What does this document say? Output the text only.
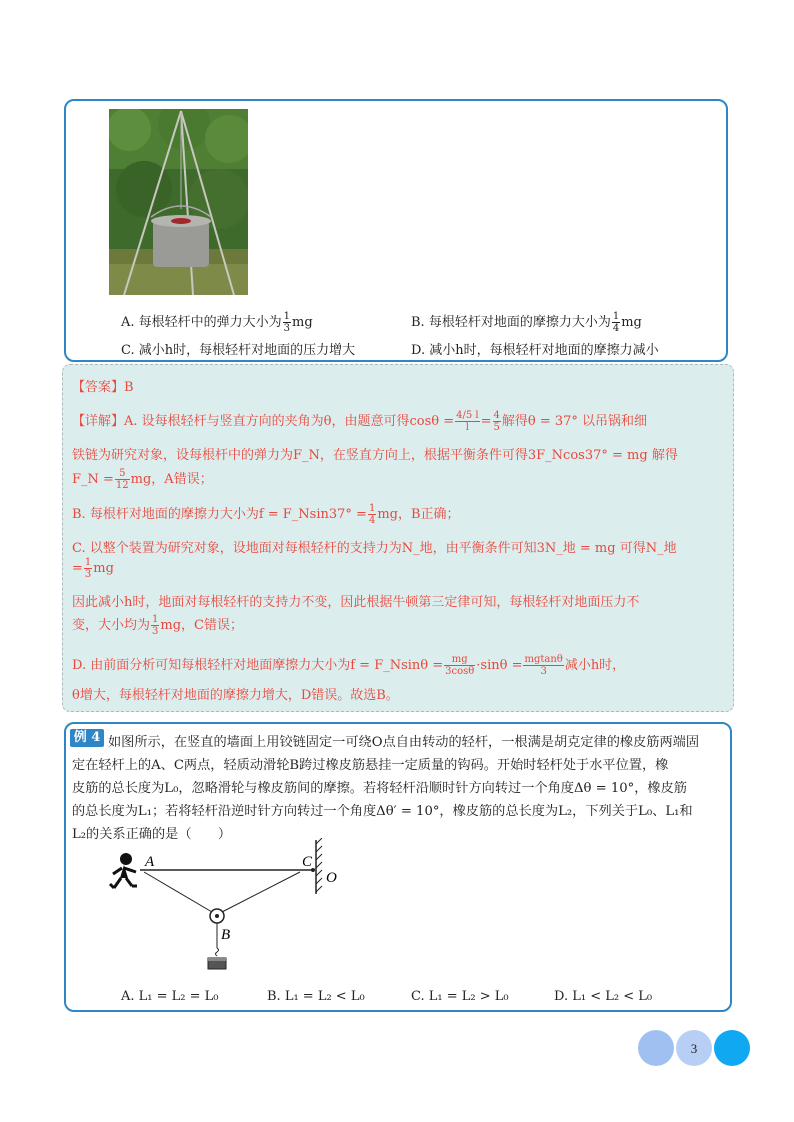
A. 每根轻杆中的弹力大小为 $\frac{1}{3}$ mg	B. 每根轻杆对地面的摩擦力大小为 $\frac{1}{4}$ mg
C. 减小h时，每根轻杆对地面的压力增大	D. 减小h时，每根轻杆对地面的摩擦力减小
【答案】B
【详解】A. 设每根轻杆与竖直方向的夹角为θ，由题意可得$\cos\theta = \frac{4/5 l}{l} = \frac{4}{5}$ 解得θ = 37° 以吊锅和细
铁链为研究对象，设每根杆中的弹力为F_N，在竖直方向上，根据平衡条件可得3F_Ncos37° = mg 解得
F_N = $\frac{5}{12}$ mg，A错误；
B. 每根杆对地面的摩擦力大小为f = F_Nsin37° = $\frac{1}{4}$ mg，B正确；
C. 以整个装置为研究对象，设地面对每根轻杆的支持力为N_地，由平衡条件可知3N_地 = mg 可得N_地
= $\frac{1}{3}$ mg
因此减小h时，地面对每根轻杆的支持力不变，因此根据牛顿第三定律可知，每根轻杆对地面压力不
变，大小均为 $\frac{1}{3}$ mg，C错误；
D. 由前面分析可知每根轻杆对地面摩擦力大小为f = F_Nsinθ = $\frac{mg}{3\cos\theta} \cdot\sin\theta = \frac{mgtan\theta}{3}$ 减小h时，
θ增大，每根轻杆对地面的摩擦力增大，D错误。故选B。
例 4 如图所示，在竖直的墙面上用铰链固定一可绕O点自由转动的轻杆，一根满是胡克定律的橡皮筋两端固
定在轻杆上的A、C两点，轻质动滑轮B跨过橡皮筋悬挂一定质量的钩码。开始时轻杆处于水平位置，橡
皮筋的总长度为L₀，忽略滑轮与橡皮筋间的摩擦。若将轻杆沿顺时针方向转过一个角度Δθ = 10°，橡皮筋
的总长度为L₁；若将轻杆沿逆时针方向转过一个角度Δθ′ = 10°，橡皮筋的总长度为L₂，下列关于L₀、L₁和
L₂的关系正确的是（　　）
A	C
O
B
A. L₁ = L₂ = L₀	B. L₁ = L₂ < L₀	C. L₁ = L₂ > L₀	D. L₁ < L₂ < L₀
3
